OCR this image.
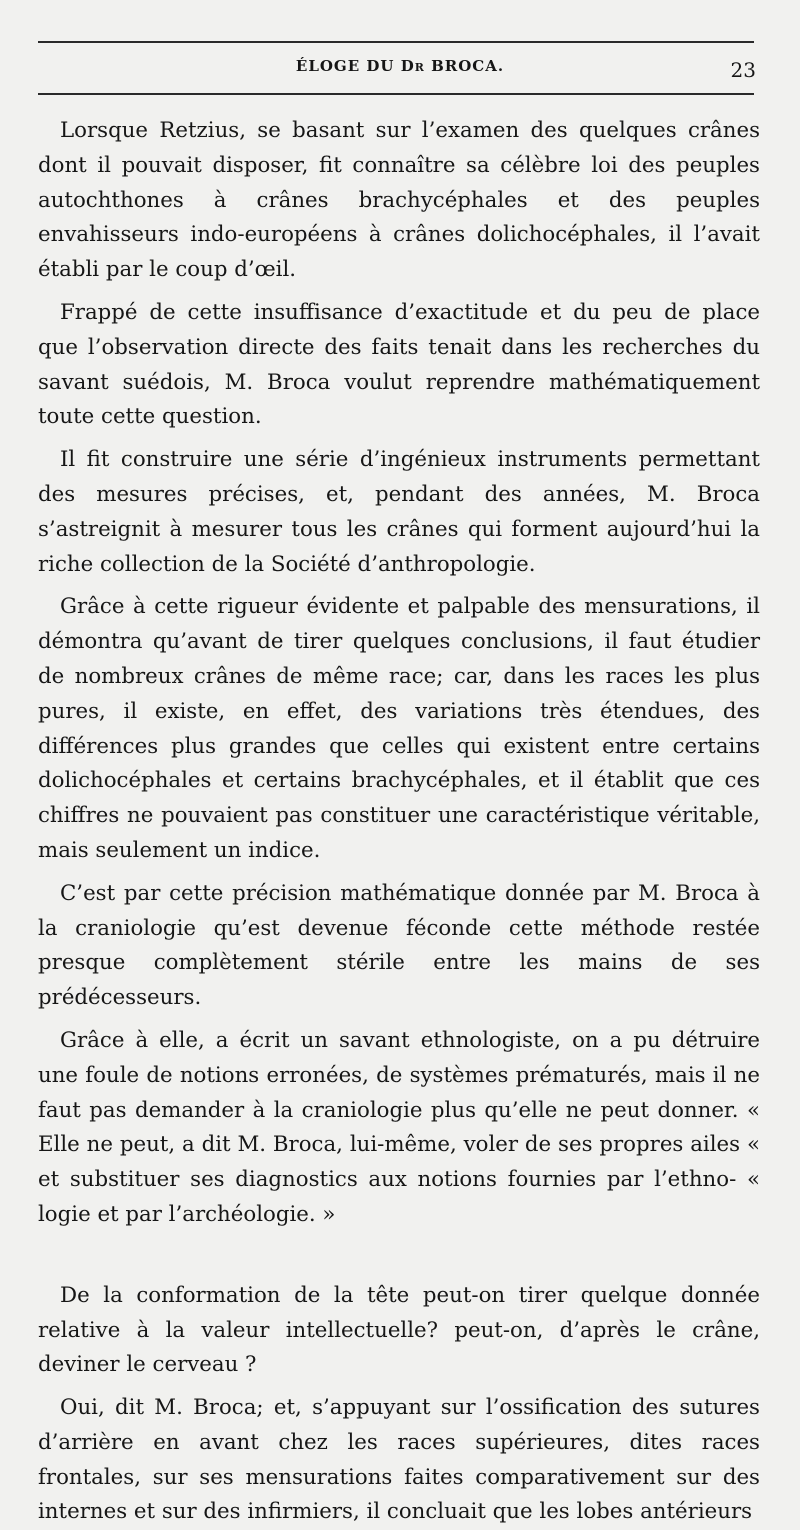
ÉLOGE DU Dr BROCA.	23

Lorsque Retzius, se basant sur l’examen des quelques crânes dont il pouvait disposer, fit connaître sa célèbre loi des peuples autochthones à crânes brachycéphales et des peuples envahisseurs indo-européens à crânes dolichocéphales, il l’avait établi par le coup d’œil.

Frappé de cette insuffisance d’exactitude et du peu de place que l’observation directe des faits tenait dans les recherches du savant suédois, M. Broca voulut reprendre mathématiquement toute cette question.

Il fit construire une série d’ingénieux instruments permettant des mesures précises, et, pendant des années, M. Broca s’astreignit à mesurer tous les crânes qui forment aujourd’hui la riche collection de la Société d’anthropologie.

Grâce à cette rigueur évidente et palpable des mensurations, il démontra qu’avant de tirer quelques conclusions, il faut étudier de nombreux crânes de même race; car, dans les races les plus pures, il existe, en effet, des variations très étendues, des différences plus grandes que celles qui existent entre certains dolichocéphales et certains brachycéphales, et il établit que ces chiffres ne pouvaient pas constituer une caractéristique véritable, mais seulement un indice.

C’est par cette précision mathématique donnée par M. Broca à la craniologie qu’est devenue féconde cette méthode restée presque complètement stérile entre les mains de ses prédécesseurs.

Grâce à elle, a écrit un savant ethnologiste, on a pu détruire une foule de notions erronées, de systèmes prématurés, mais il ne faut pas demander à la craniologie plus qu’elle ne peut donner. « Elle ne peut, a dit M. Broca, lui-même, voler de ses propres ailes « et substituer ses diagnostics aux notions fournies par l’ethno- « logie et par l’archéologie. »

De la conformation de la tête peut-on tirer quelque donnée relative à la valeur intellectuelle? peut-on, d’après le crâne, deviner le cerveau ?

Oui, dit M. Broca; et, s’appuyant sur l’ossification des sutures d’arrière en avant chez les races supérieures, dites races frontales, sur ses mensurations faites comparativement sur des internes et sur des infirmiers, il concluait que les lobes antérieurs
